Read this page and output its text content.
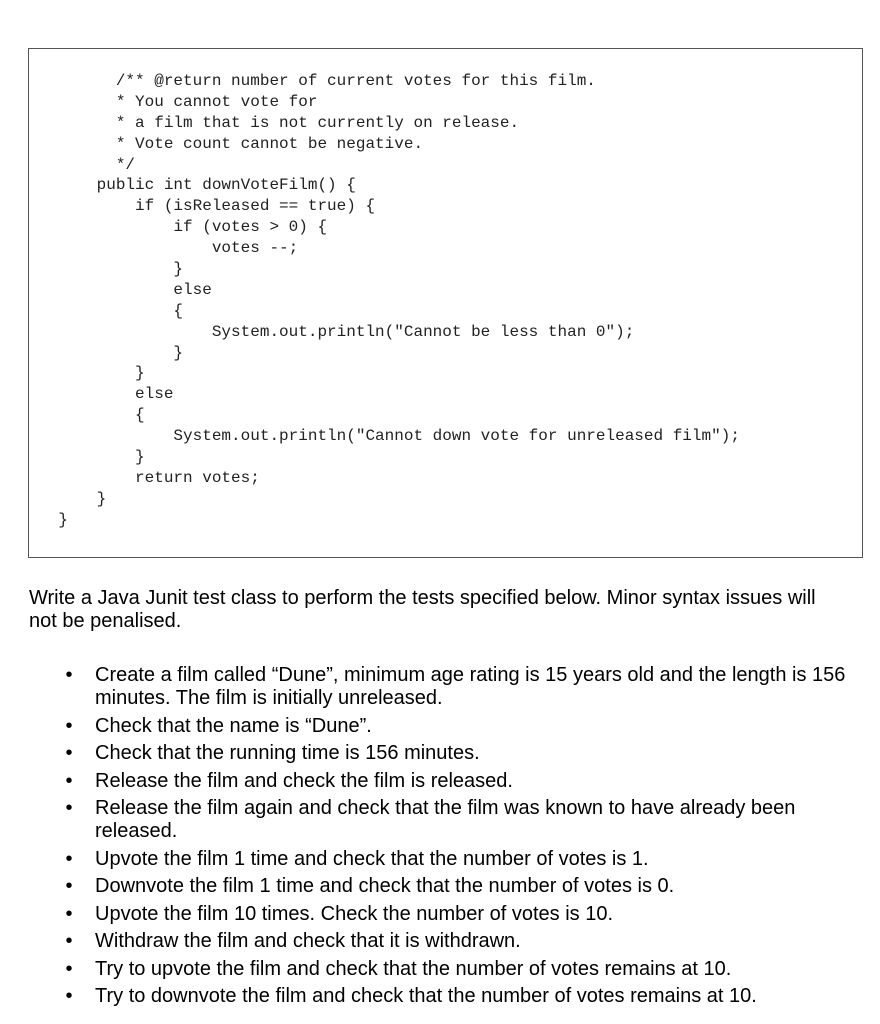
/** @return number of current votes for this film.
* You cannot vote for
* a film that is not currently on release.
* Vote count cannot be negative.
*/
public int downVoteFilm() {
if (isReleased == true) {
if (votes > 0) {
votes --;
}
else
{
System.out.println("Cannot be less than 0");
}
}
else
{
System.out.println("Cannot down vote for unreleased film");
}
return votes;
}
}

Write a Java Junit test class to perform the tests specified below. Minor syntax issues will not be penalised.

• Create a film called “Dune”, minimum age rating is 15 years old and the length is 156 minutes. The film is initially unreleased.
• Check that the name is “Dune”.
• Check that the running time is 156 minutes.
• Release the film and check the film is released.
• Release the film again and check that the film was known to have already been released.
• Upvote the film 1 time and check that the number of votes is 1.
• Downvote the film 1 time and check that the number of votes is 0.
• Upvote the film 10 times. Check the number of votes is 10.
• Withdraw the film and check that it is withdrawn.
• Try to upvote the film and check that the number of votes remains at 10.
• Try to downvote the film and check that the number of votes remains at 10.
